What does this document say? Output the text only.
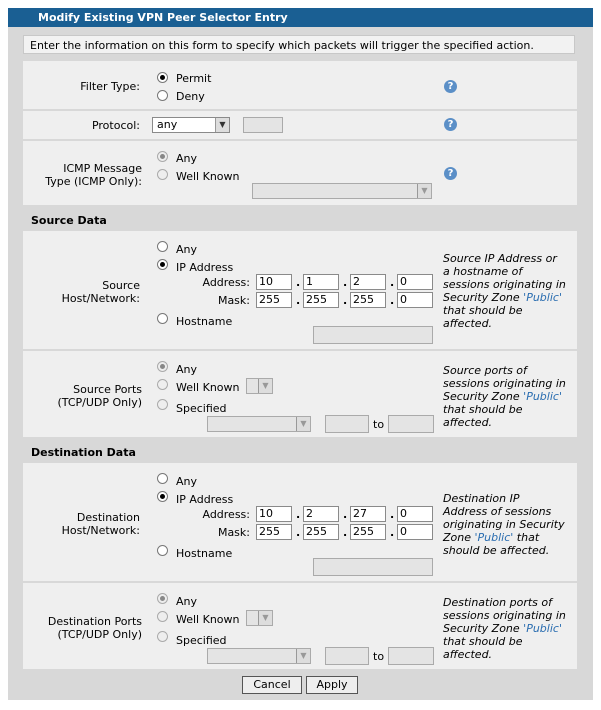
Modify Existing VPN Peer Selector Entry
Enter the information on this form to specify which packets will trigger the specified action.
Filter Type:
Permit
Deny
?
Protocol:	any	▼	?
ICMP Message
Type (ICMP Only):
Any
Well Known
▼
?
Source Data
Source
Host/Network:
Any
IP Address
Address: 10	. 1	. 2	. 0
Mask: 255	. 255	. 255	. 0
Hostname
Source IP Address or
a hostname of
sessions originating in
Security Zone 'Public'
that should be
affected.
Source Ports
(TCP/UDP Only)
Any
Well Known	▼
Specified
▼	to
Source ports of
sessions originating in
Security Zone 'Public'
that should be
affected.
Destination Data
Destination
Host/Network:
Any
IP Address
Address: 10	. 2	. 27	. 0
Mask: 255	. 255	. 255	. 0
Hostname
Destination IP
Address of sessions
originating in Security
Zone 'Public' that
should be affected.
Destination Ports
(TCP/UDP Only)
Any
Well Known	▼
Specified
▼	to
Destination ports of
sessions originating in
Security Zone 'Public'
that should be
affected.
Cancel	Apply
